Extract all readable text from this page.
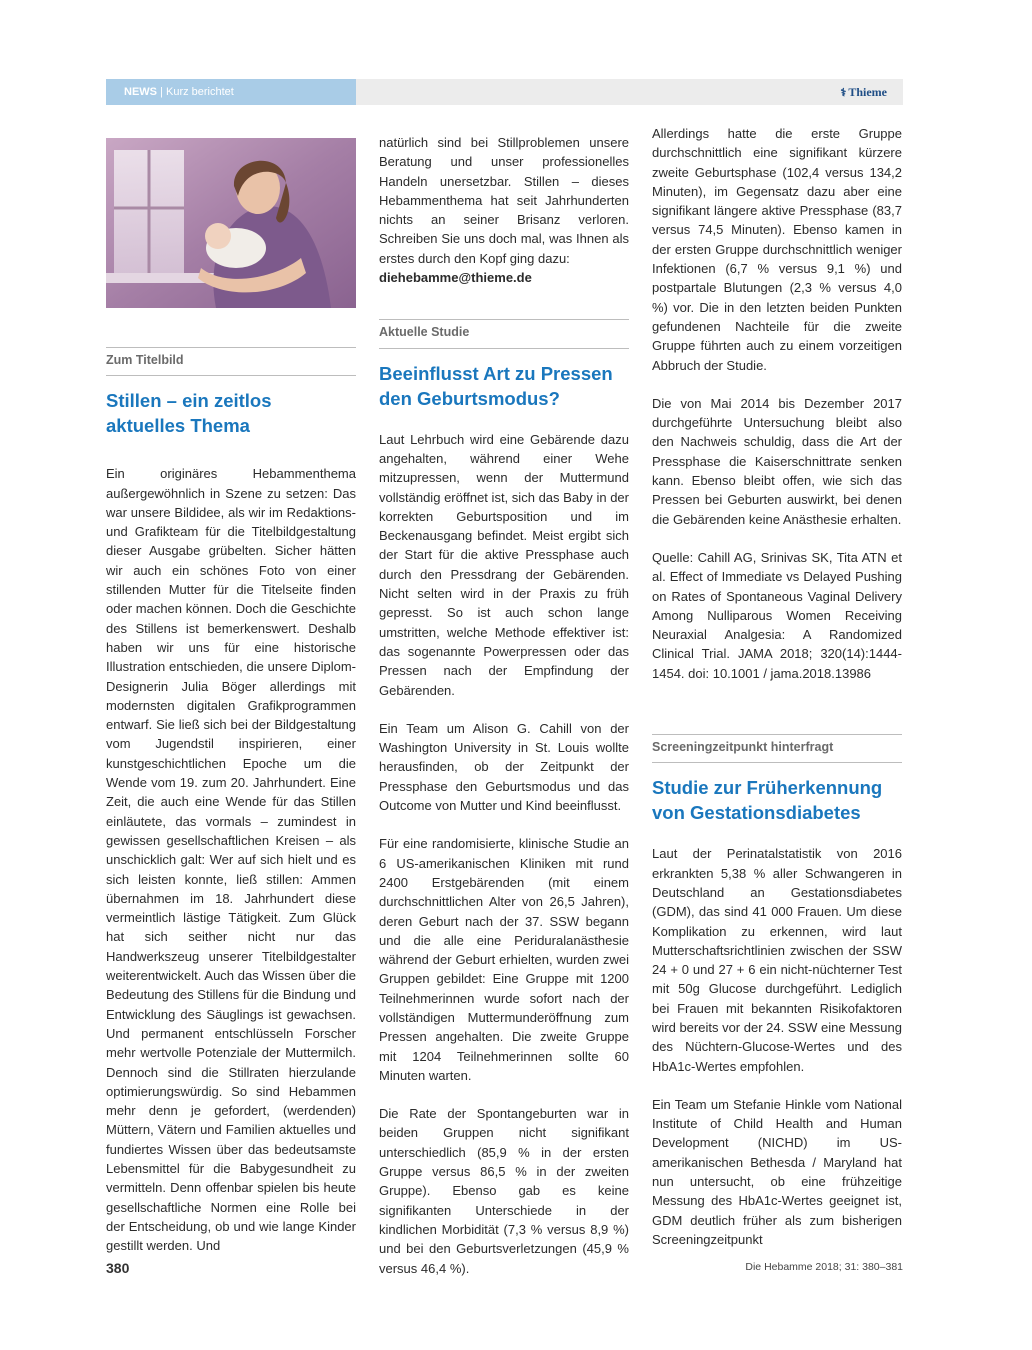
NEWS | Kurz berichtet	⚕ Thieme
Zum Titelbild
Stillen – ein zeitlos
aktuelles Thema

Ein originäres Hebammenthema außergewöhnlich in Szene zu setzen: Das war unsere Bildidee, als wir im Redaktions- und Grafikteam für die Titelbildgestaltung dieser Ausgabe grübelten. Sicher hätten wir auch ein schönes Foto von einer stillenden Mutter für die Titelseite finden oder machen können. Doch die Geschichte des Stillens ist bemerkenswert. Deshalb haben wir uns für eine historische Illustration entschieden, die unsere Diplom-Designerin Julia Böger allerdings mit modernsten digitalen Grafikprogrammen entwarf. Sie ließ sich bei der Bildgestaltung vom Jugendstil inspirieren, einer kunstgeschichtlichen Epoche um die Wende vom 19. zum 20. Jahrhundert. Eine Zeit, die auch eine Wende für das Stillen einläutete, das vormals – zumindest in gewissen gesellschaftlichen Kreisen – als unschicklich galt: Wer auf sich hielt und es sich leisten konnte, ließ stillen: Ammen übernahmen im 18. Jahrhundert diese vermeintlich lästige Tätigkeit. Zum Glück hat sich seither nicht nur das Handwerkszeug unserer Titelbildgestalter weiterentwickelt. Auch das Wissen über die Bedeutung des Stillens für die Bindung und Entwicklung des Säuglings ist gewachsen. Und permanent entschlüsseln Forscher mehr wertvolle Potenziale der Muttermilch. Dennoch sind die Stillraten hierzulande optimierungswürdig. So sind Hebammen mehr denn je gefordert, (werdenden) Müttern, Vätern und Familien aktuelles und fundiertes Wissen über das bedeutsamste Lebensmittel für die Babygesundheit zu vermitteln. Denn offenbar spielen bis heute gesellschaftliche Normen eine Rolle bei der Entscheidung, ob und wie lange Kinder gestillt werden. Und

natürlich sind bei Stillproblemen unsere Beratung und unser professionelles Handeln unersetzbar. Stillen – dieses Hebammenthema hat seit Jahrhunderten nichts an seiner Brisanz verloren. Schreiben Sie uns doch mal, was Ihnen als erstes durch den Kopf ging dazu:
diehebamme@thieme.de

Aktuelle Studie
Beeinflusst Art zu Pressen
den Geburtsmodus?

Laut Lehrbuch wird eine Gebärende dazu angehalten, während einer Wehe mitzupressen, wenn der Muttermund vollständig eröffnet ist, sich das Baby in der korrekten Geburtsposition und im Beckenausgang befindet. Meist ergibt sich der Start für die aktive Pressphase auch durch den Pressdrang der Gebärenden. Nicht selten wird in der Praxis zu früh gepresst. So ist auch schon lange umstritten, welche Methode effektiver ist: das sogenannte Powerpressen oder das Pressen nach der Empfindung der Gebärenden.

Ein Team um Alison G. Cahill von der Washington University in St. Louis wollte herausfinden, ob der Zeitpunkt der Pressphase den Geburtsmodus und das Outcome von Mutter und Kind beeinflusst.

Für eine randomisierte, klinische Studie an 6 US-amerikanischen Kliniken mit rund 2400 Erstgebärenden (mit einem durchschnittlichen Alter von 26,5 Jahren), deren Geburt nach der 37. SSW begann und die alle eine Periduralanästhesie während der Geburt erhielten, wurden zwei Gruppen gebildet: Eine Gruppe mit 1200 Teilnehmerinnen wurde sofort nach der vollständigen Muttermunderöffnung zum Pressen angehalten. Die zweite Gruppe mit 1204 Teilnehmerinnen sollte 60 Minuten warten.

Die Rate der Spontangeburten war in beiden Gruppen nicht signifikant unterschiedlich (85,9 % in der ersten Gruppe versus 86,5 % in der zweiten Gruppe). Ebenso gab es keine signifikanten Unterschiede in der kindlichen Morbidität (7,3 % versus 8,9 %) und bei den Geburtsverletzungen (45,9 % versus 46,4 %).

Allerdings hatte die erste Gruppe durchschnittlich eine signifikant kürzere zweite Geburtsphase (102,4 versus 134,2 Minuten), im Gegensatz dazu aber eine signifikant längere aktive Pressphase (83,7 versus 74,5 Minuten). Ebenso kamen in der ersten Gruppe durchschnittlich weniger Infektionen (6,7 % versus 9,1 %) und postpartale Blutungen (2,3 % versus 4,0 %) vor. Die in den letzten beiden Punkten gefundenen Nachteile für die zweite Gruppe führten auch zu einem vorzeitigen Abbruch der Studie.

Die von Mai 2014 bis Dezember 2017 durchgeführte Untersuchung bleibt also den Nachweis schuldig, dass die Art der Pressphase die Kaiserschnittrate senken kann. Ebenso bleibt offen, wie sich das Pressen bei Geburten auswirkt, bei denen die Gebärenden keine Anästhesie erhalten.

Quelle: Cahill AG, Srinivas SK, Tita ATN et al. Effect of Immediate vs Delayed Pushing on Rates of Spontaneous Vaginal Delivery Among Nulliparous Women Receiving Neuraxial Analgesia: A Randomized Clinical Trial. JAMA 2018; 320(14):1444-1454. doi: 10.1001 / jama.2018.13986

Screeningzeitpunkt hinterfragt
Studie zur Früherkennung
von Gestationsdiabetes

Laut der Perinatalstatistik von 2016 erkrankten 5,38 % aller Schwangeren in Deutschland an Gestationsdiabetes (GDM), das sind 41 000 Frauen. Um diese Komplikation zu erkennen, wird laut Mutterschaftsrichtlinien zwischen der SSW 24 + 0 und 27 + 6 ein nicht-nüchterner Test mit 50g Glucose durchgeführt. Lediglich bei Frauen mit bekannten Risikofaktoren wird bereits vor der 24. SSW eine Messung des Nüchtern-Glucose-Wertes und des HbA1c-Wertes empfohlen.

Ein Team um Stefanie Hinkle vom National Institute of Child Health and Human Development (NICHD) im US-amerikanischen Bethesda / Maryland hat nun untersucht, ob eine frühzeitige Messung des HbA1c-Wertes geeignet ist, GDM deutlich früher als zum bisherigen Screeningzeitpunkt

380	Die Hebamme 2018; 31: 380–381
